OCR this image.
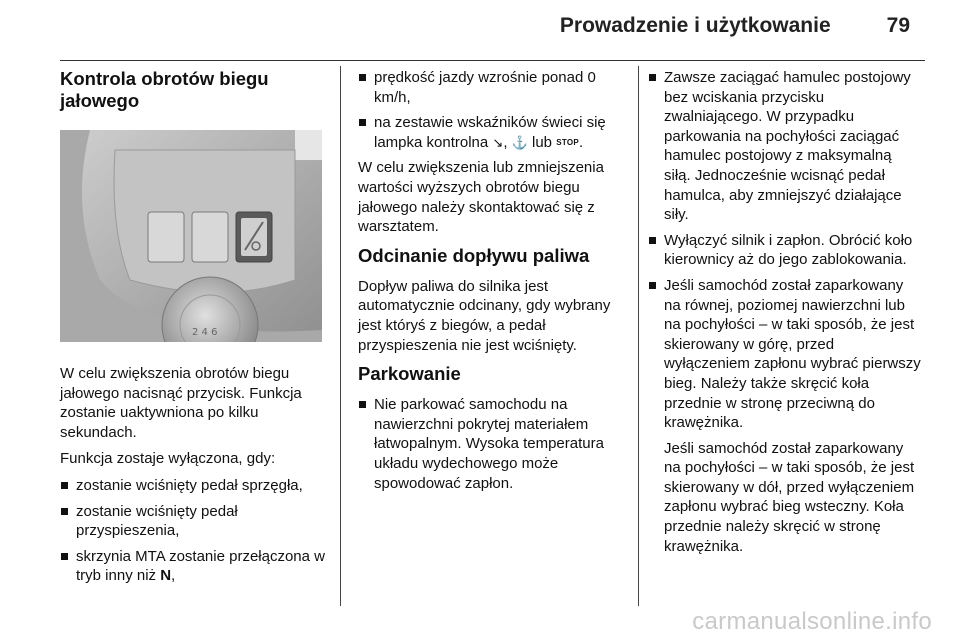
Prowadzenie i użytkowanie	79
Kontrola obrotów biegu jałowego
2 4 6

W celu zwiększenia obrotów biegu jałowego nacisnąć przycisk. Funkcja zostanie uaktywniona po kilku sekundach.

Funkcja zostaje wyłączona, gdy:

zostanie wciśnięty pedał sprzęgła,
zostanie wciśnięty pedał przyspieszenia,
skrzynia MTA zostanie przełączona w tryb inny niż N,
prędkość jazdy wzrośnie ponad 0 km/h,
na zestawie wskaźników świeci się lampka kontrolna ↘, ⚓ lub STOP.

W celu zwiększenia lub zmniejszenia wartości wyższych obrotów biegu jałowego należy skontaktować się z warsztatem.

Odcinanie dopływu paliwa

Dopływ paliwa do silnika jest automatycznie odcinany, gdy wybrany jest któryś z biegów, a pedał przyspieszenia nie jest wciśnięty.

Parkowanie
Nie parkować samochodu na nawierzchni pokrytej materiałem łatwopalnym. Wysoka temperatura układu wydechowego może spowodować zapłon.
Zawsze zaciągać hamulec postojowy bez wciskania przycisku zwalniającego. W przypadku parkowania na pochyłości zaciągać hamulec postojowy z maksymalną siłą. Jednocześnie wcisnąć pedał hamulca, aby zmniejszyć działające siły.
Wyłączyć silnik i zapłon. Obrócić koło kierownicy aż do jego zablokowania.
Jeśli samochód został zaparkowany na równej, poziomej nawierzchni lub na pochyłości – w taki sposób, że jest skierowany w górę, przed wyłączeniem zapłonu wybrać pierwszy bieg. Należy także skręcić koła przednie w stronę przeciwną do krawężnika.
Jeśli samochód został zaparkowany na pochyłości – w taki sposób, że jest skierowany w dół, przed wyłączeniem zapłonu wybrać bieg wsteczny. Koła przednie należy skręcić w stronę krawężnika.
carmanualsonline.info
